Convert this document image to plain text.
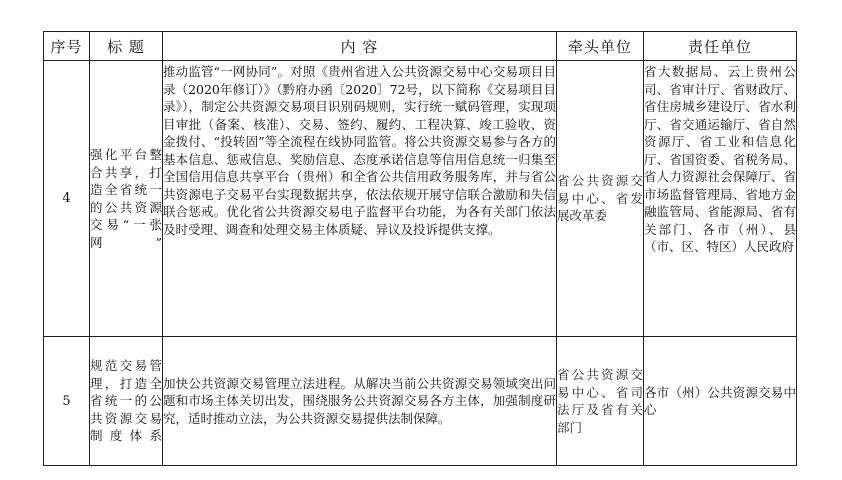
序号	标 题	内 容	牵头单位	责任单位
4	强化平台整合共享，打造全省统一的公共资源交易“一张网”	推动监管“一网协同”。对照《贵州省进入公共资源交易中心交易项目目录（2020年修订）》（黔府办函〔2020〕72号，以下简称《交易项目目录》），制定公共资源交易项目识别码规则，实行统一赋码管理，实现项目审批（备案、核准）、交易、签约、履约、工程决算、竣工验收、资金拨付、“投转固”等全流程在线协同监管。将公共资源交易参与各方的基本信息、惩戒信息、奖励信息、态度承诺信息等信用信息统一归集至全国信用信息共享平台（贵州）和全省公共信用政务服务库，并与省公共资源电子交易平台实现数据共享，依法依规开展守信联合激励和失信联合惩戒。优化省公共资源交易电子监督平台功能，为各有关部门依法及时受理、调查和处理交易主体质疑、异议及投诉提供支撑。	省公共资源交易中心、省发展改革委	省大数据局、云上贵州公司、省审计厅、省财政厅、省住房城乡建设厅、省水利厅、省交通运输厅、省自然资源厅、省工业和信息化厅、省国资委、省税务局、省人力资源社会保障厅、省市场监督管理局、省地方金融监管局、省能源局、省有关部门、各市（州）、县（市、区、特区）人民政府
5	规范交易管理，打造全省统一的公共资源交易制度体系	加快公共资源交易管理立法进程。从解决当前公共资源交易领域突出问题和市场主体关切出发，围绕服务公共资源交易各方主体，加强制度研究，适时推动立法，为公共资源交易提供法制保障。	省公共资源交易中心、省司法厅及省有关部门	各市（州）公共资源交易中心
